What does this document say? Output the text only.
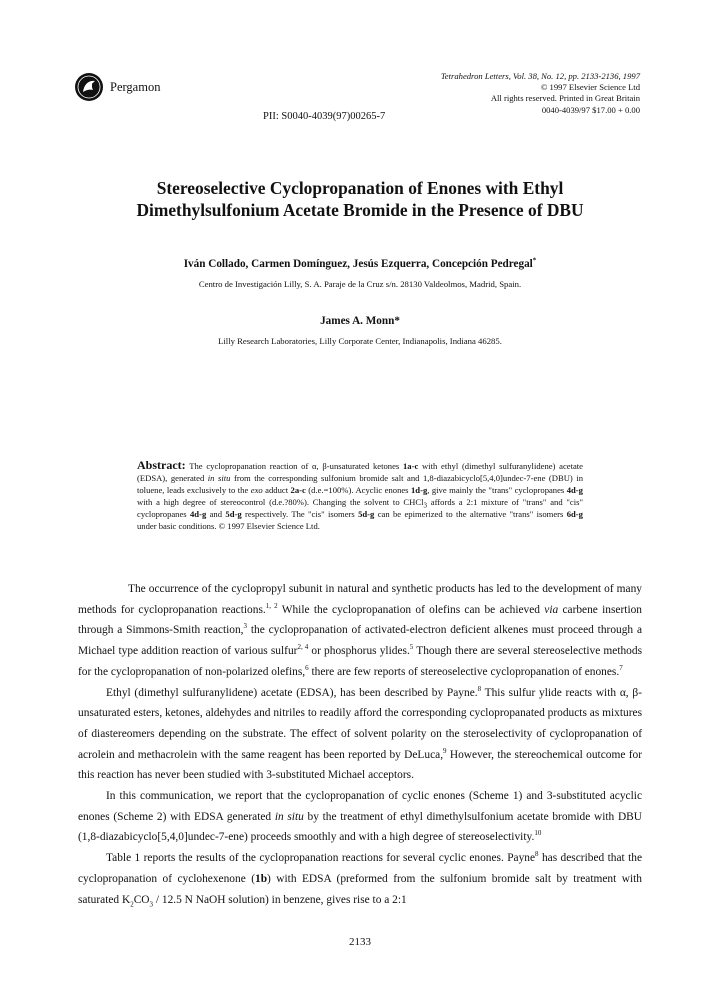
Pergamon
Tetrahedron Letters, Vol. 38, No. 12, pp. 2133-2136, 1997
© 1997 Elsevier Science Ltd
All rights reserved. Printed in Great Britain
0040-4039/97 $17.00 + 0.00
PII: S0040-4039(97)00265-7
Stereoselective Cyclopropanation of Enones with Ethyl
Dimethylsulfonium Acetate Bromide in the Presence of DBU
Iván Collado, Carmen Domínguez, Jesús Ezquerra, Concepción Pedregal*
Centro de Investigación Lilly, S. A. Paraje de la Cruz s/n. 28130 Valdeolmos, Madrid, Spain.
James A. Monn*
Lilly Research Laboratories, Lilly Corporate Center, Indianapolis, Indiana 46285.
Abstract: The cyclopropanation reaction of α, β-unsaturated ketones 1a-c with ethyl (dimethyl sulfuranylidene) acetate (EDSA), generated in situ from the corresponding sulfonium bromide salt and 1,8-diazabicyclo[5,4,0]undec-7-ene (DBU) in toluene, leads exclusively to the exo adduct 2a-c (d.e.=100%). Acyclic enones 1d-g, give mainly the "trans" cyclopropanes 4d-g with a high degree of stereocontrol (d.e.?80%). Changing the solvent to CHCl$_3$ affords a 2:1 mixture of "trans" and "cis" cyclopropanes 4d-g and 5d-g respectively. The "cis" isomers 5d-g can be epimerized to the alternative "trans" isomers 6d-g under basic conditions. © 1997 Elsevier Science Ltd.

The occurrence of the cyclopropyl subunit in natural and synthetic products has led to the development of many methods for cyclopropanation reactions.$^{1, 2}$ While the cyclopropanation of olefins can be achieved via carbene insertion through a Simmons-Smith reaction,$^3$ the cyclopropanation of activated-electron deficient alkenes must proceed through a Michael type addition reaction of various sulfur$^{2, 4}$ or phosphorus ylides.$^5$ Though there are several stereoselective methods for the cyclopropanation of non-polarized olefins,$^6$ there are few reports of stereoselective cyclopropanation of enones.$^7$

Ethyl (dimethyl sulfuranylidene) acetate (EDSA), has been described by Payne.$^8$ This sulfur ylide reacts with α, β-unsaturated esters, ketones, aldehydes and nitriles to readily afford the corresponding cyclopropanated products as mixtures of diastereomers depending on the substrate. The effect of solvent polarity on the steroselectivity of cyclopropanation of acrolein and methacrolein with the same reagent has been reported by DeLuca,$^9$ However, the stereochemical outcome for this reaction has never been studied with 3-substituted Michael acceptors.

In this communication, we report that the cyclopropanation of cyclic enones (Scheme 1) and 3-substituted acyclic enones (Scheme 2) with EDSA generated in situ by the treatment of ethyl dimethylsulfonium acetate bromide with DBU (1,8-diazabicyclo[5,4,0]undec-7-ene) proceeds smoothly and with a high degree of stereoselectivity.$^{10}$

Table 1 reports the results of the cyclopropanation reactions for several cyclic enones. Payne$^8$ has described that the cyclopropanation of cyclohexenone (1b) with EDSA (preformed from the sulfonium bromide salt by treatment with saturated $K_2CO_3 / 12.5$ N NaOH solution) in benzene, gives rise to a 2:1

2133
